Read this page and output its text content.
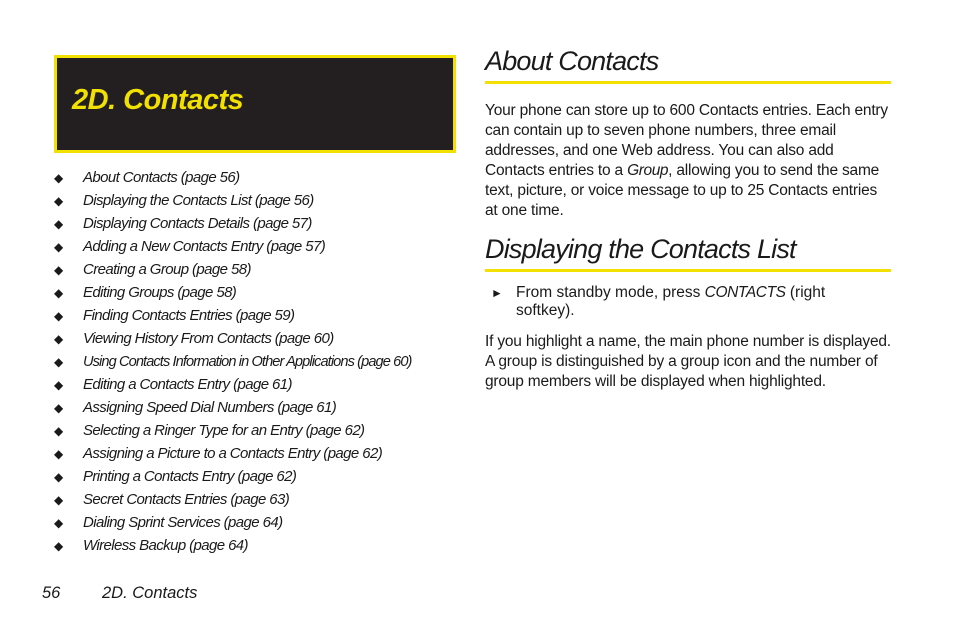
2D. Contacts
◆	About Contacts (page 56)
◆	Displaying the Contacts List (page 56)
◆	Displaying Contacts Details (page 57)
◆	Adding a New Contacts Entry (page 57)
◆	Creating a Group (page 58)
◆	Editing Groups (page 58)
◆	Finding Contacts Entries (page 59)
◆	Viewing History From Contacts (page 60)
◆	Using Contacts Information in Other Applications (page 60)
◆	Editing a Contacts Entry (page 61)
◆	Assigning Speed Dial Numbers (page 61)
◆	Selecting a Ringer Type for an Entry (page 62)
◆	Assigning a Picture to a Contacts Entry (page 62)
◆	Printing a Contacts Entry (page 62)
◆	Secret Contacts Entries (page 63)
◆	Dialing Sprint Services (page 64)
◆	Wireless Backup (page 64)
About Contacts

Your phone can store up to 600 Contacts entries. Each entry can contain up to seven phone numbers, three email addresses, and one Web address. You can also add Contacts entries to a Group, allowing you to send the same text, picture, or voice message to up to 25 Contacts entries at one time.

Displaying the Contacts List
► From standby mode, press CONTACTS (right softkey).

If you highlight a name, the main phone number is displayed. A group is distinguished by a group icon and the number of group members will be displayed when highlighted.

56	2D. Contacts
